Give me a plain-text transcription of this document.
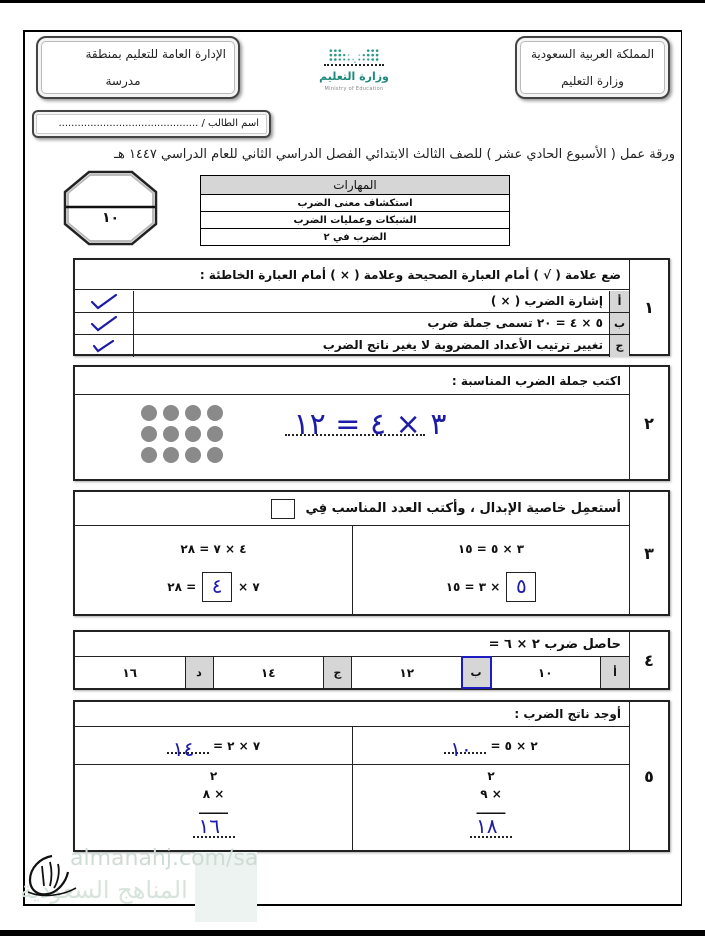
المملكة العربية السعودية
وزارة التعليم
وزارة التعليم
Ministry of Education
الإدارة العامة للتعليم بمنطقة
مدرسة
اسم الطالب / ............................................
ورقة عمل ( الأسبوع الحادي عشر ) للصف الثالث الابتدائي الفصل الدراسي الثاني للعام الدراسي ١٤٤٧ هـ
١٠
المهارات
استكشاف معنى الضرب
الشبكات وعمليات الضرب
الضرب في ٢
١
ضع علامة ( √ ) أمام العبارة الصحيحة وعلامة ( × ) أمام العبارة الخاطئة :
أ
إشارة الضرب ( × )
ب
٥ × ٤ = ٢٠ تسمى جملة ضرب
ج
تغيير ترتيب الأعداد المضروبة لا يغير ناتج الضرب
٢
اكتب جملة الضرب المناسبة :
٣ × ٤ = ١٢
٣
أستعمِل خاصية الإبدال ، وأكتب العدد المناسب فِي
٣ × ٥ = ١٥
٥
× ٣ = ١٥
٤ × ٧ = ٢٨
٧ ×
٤
= ٢٨
٤
حاصل ضرب ٢ × ٦ =
أ
١٠
ب
١٢
ج
١٤
د
١٦
٥
أوجد ناتج الضرب :
٢ × ٥ =
١٠
٧ × ٢ =
١٤
٢
× ٩
ـــــــ
١٨
٢
× ٨
ـــــــ
١٦
almanahj.com/sa
المناهج السعودية
